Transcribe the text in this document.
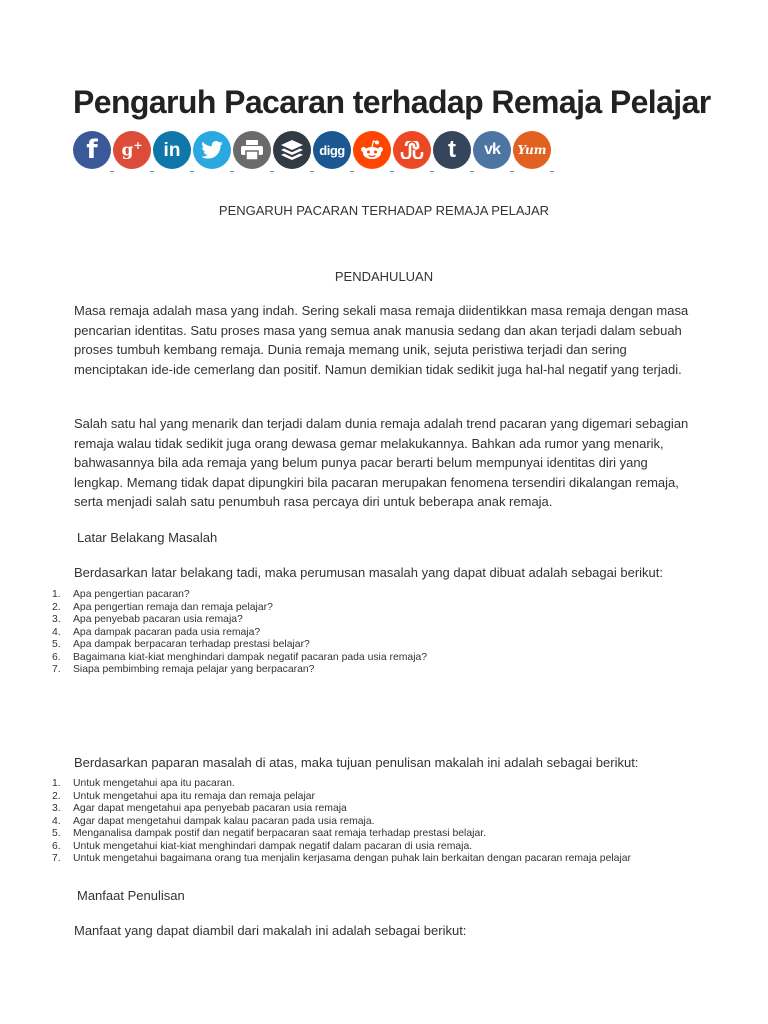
Pengaruh Pacaran terhadap Remaja Pelajar
f g+ in	digg	t vk Yum
PENGARUH PACARAN TERHADAP REMAJA PELAJAR
PENDAHULUAN

Masa remaja adalah masa yang indah. Sering sekali masa remaja diidentikkan masa remaja dengan masa pencarian identitas. Satu proses masa yang semua anak manusia sedang dan akan terjadi dalam sebuah proses tumbuh kembang remaja. Dunia remaja memang unik, sejuta peristiwa terjadi dan sering menciptakan ide-ide cemerlang dan positif. Namun demikian tidak sedikit juga hal-hal negatif yang terjadi.

Salah satu hal yang menarik dan terjadi dalam dunia remaja adalah trend pacaran yang digemari sebagian remaja walau tidak sedikit juga orang dewasa gemar melakukannya. Bahkan ada rumor yang menarik, bahwasannya bila ada remaja yang belum punya pacar berarti belum mempunyai identitas diri yang lengkap. Memang tidak dapat dipungkiri bila pacaran merupakan fenomena tersendiri dikalangan remaja, serta menjadi salah satu penumbuh rasa percaya diri untuk beberapa anak remaja.

Latar Belakang Masalah
Berdasarkan latar belakang tadi, maka perumusan masalah yang dapat dibuat adalah sebagai berikut:
1.	Apa pengertian pacaran?
2.	Apa pengertian remaja dan remaja pelajar?
3.	Apa penyebab pacaran usia remaja?
4.	Apa dampak pacaran pada usia remaja?
5.	Apa dampak berpacaran terhadap prestasi belajar?
6.	Bagaimana kiat-kiat menghindari dampak negatif pacaran pada usia remaja?
7.	Siapa pembimbing remaja pelajar yang berpacaran?
Berdasarkan paparan masalah di atas, maka tujuan penulisan makalah ini adalah sebagai berikut:
1.	Untuk mengetahui apa itu pacaran.
2.	Untuk mengetahui apa itu remaja dan remaja pelajar
3.	Agar dapat mengetahui apa penyebab pacaran usia remaja
4.	Agar dapat mengetahui dampak kalau pacaran pada usia remaja.
5.	Menganalisa dampak postif dan negatif berpacaran saat remaja terhadap prestasi belajar.
6.	Untuk mengetahui kiat-kiat menghindari dampak negatif dalam pacaran di usia remaja.
7.	Untuk mengetahui bagaimana orang tua menjalin kerjasama dengan puhak lain berkaitan dengan pacaran remaja pelajar
Manfaat Penulisan
Manfaat yang dapat diambil dari makalah ini adalah sebagai berikut:
